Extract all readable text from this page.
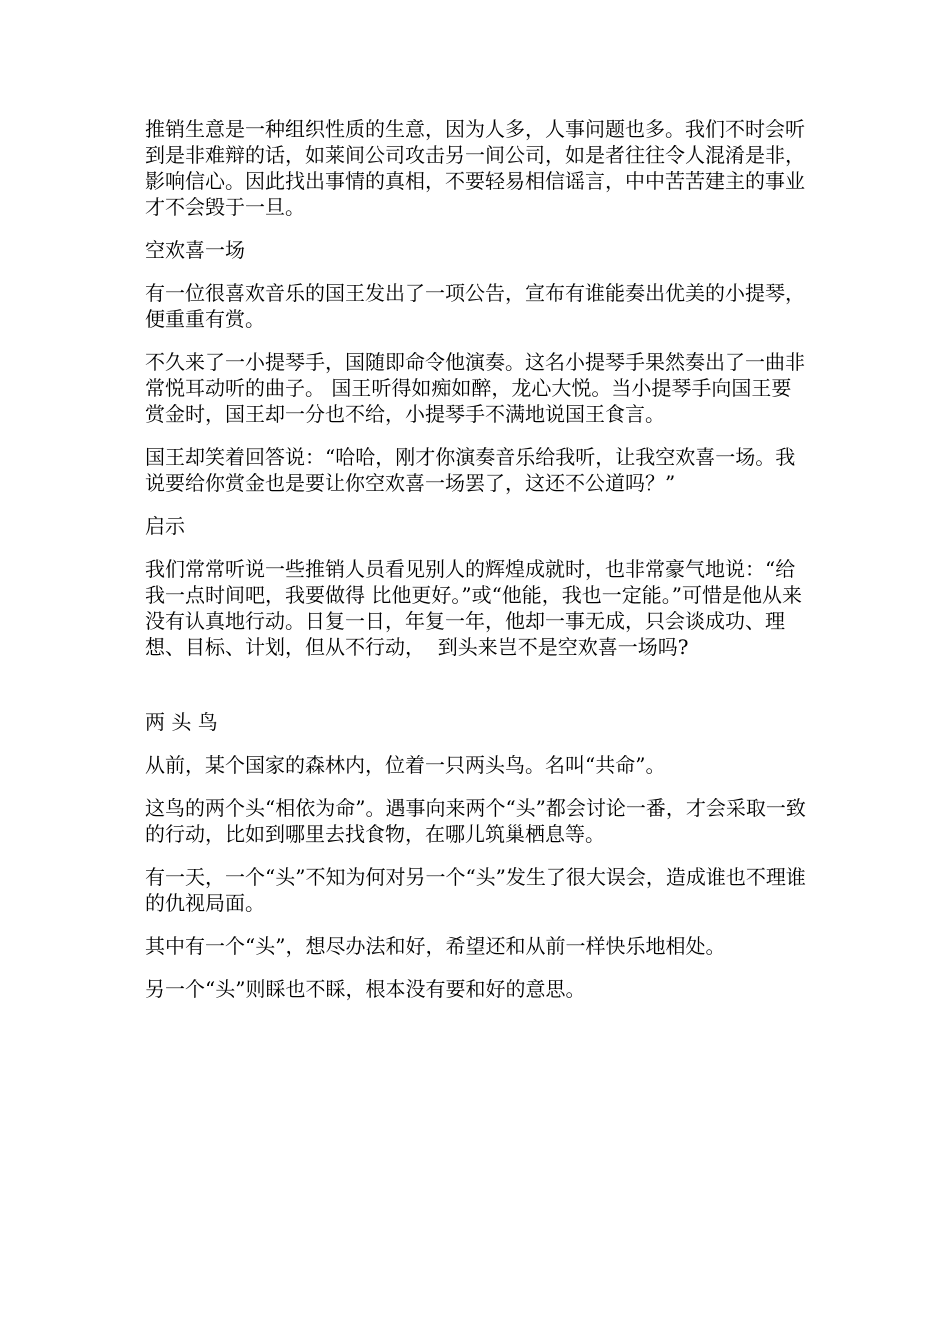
推销生意是一种组织性质的生意，因为人多，人事问题也多。我们不时会听到是非难辩的话，如莱间公司攻击另一间公司，如是者往往令人混淆是非，影响信心。因此找出事情的真相，不要轻易相信谣言，中中苦苦建主的事业才不会毁于一旦。

空欢喜一场

有一位很喜欢音乐的国王发出了一项公告，宣布有谁能奏出优美的小提琴，便重重有赏。

不久来了一小提琴手，国随即命令他演奏。这名小提琴手果然奏出了一曲非常悦耳动听的曲子。 国王听得如痴如醉，龙心大悦。当小提琴手向国王要赏金时，国王却一分也不给，小提琴手不满地说国王食言。

国王却笑着回答说：“哈哈，刚才你演奏音乐给我听，让我空欢喜一场。我说要给你赏金也是要让你空欢喜一场罢了，这还不公道吗？”

启示

我们常常听说一些推销人员看见别人的辉煌成就时，也非常豪气地说：“给我一点时间吧，我要做得 比他更好。”或“他能，我也一定能。”可惜是他从来没有认真地行动。日复一日，年复一年，他却一事无成，只会谈成功、理想、目标、计划，但从不行动，  到头来岂不是空欢喜一场吗?

两 头 鸟

从前，某个国家的森林内，位着一只两头鸟。名叫“共命”。

这鸟的两个头“相依为命”。遇事向来两个“头”都会讨论一番，才会采取一致的行动，比如到哪里去找食物，在哪儿筑巢栖息等。

有一天，一个“头”不知为何对另一个“头”发生了很大误会，造成谁也不理谁的仇视局面。

其中有一个“头”，想尽办法和好，希望还和从前一样快乐地相处。

另一个“头”则睬也不睬，根本没有要和好的意思。
